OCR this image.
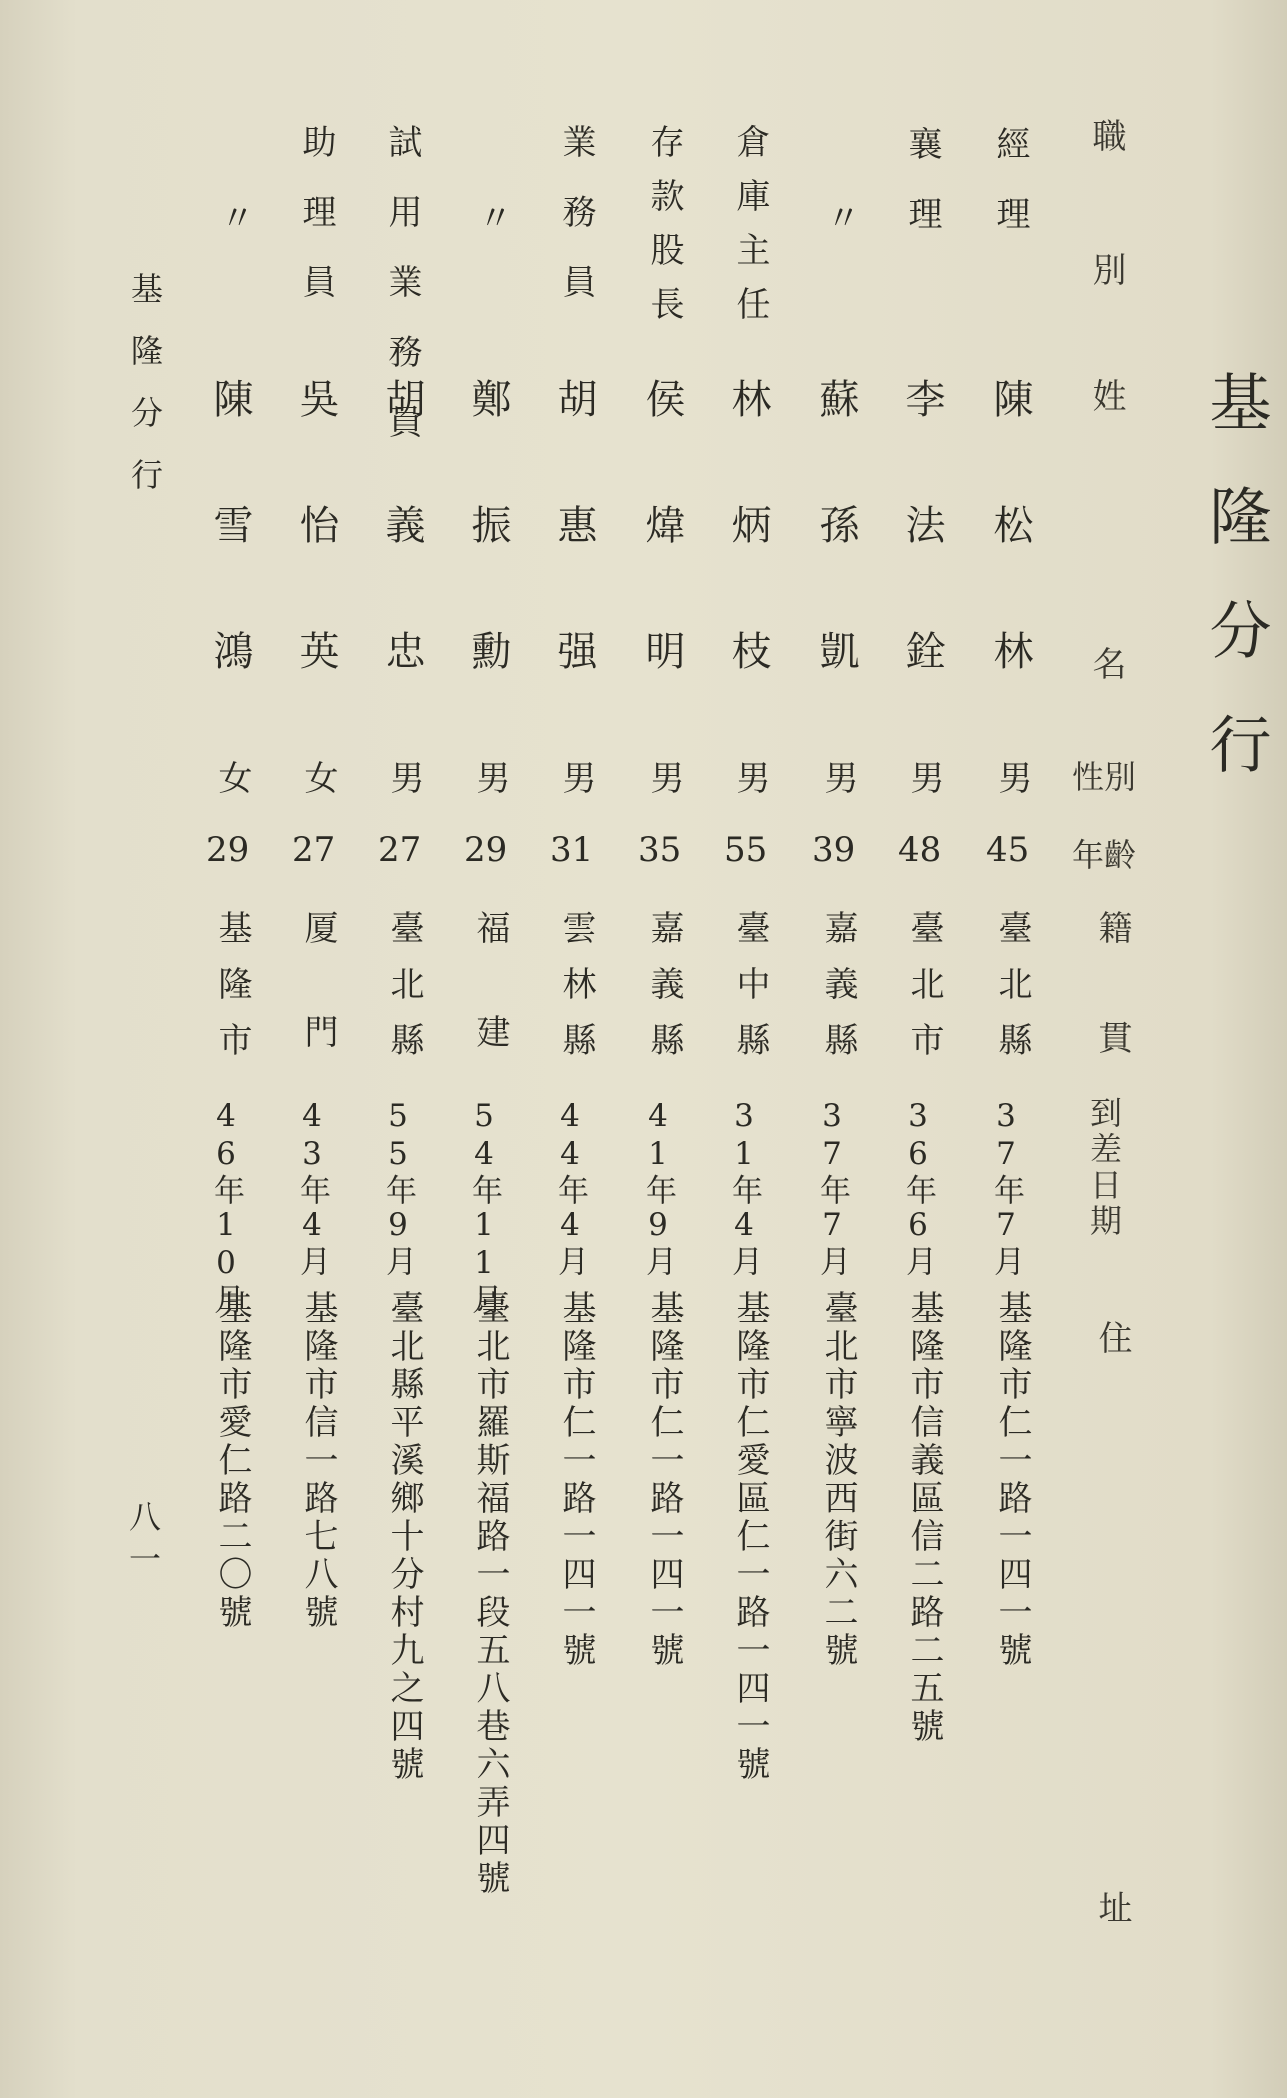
基隆分行
職別
姓
名
性別
年齡
籍
貫
到差日期
住
址
經理
陳松林
男
45
臺北縣
37年7月
基隆市仁一路一四一號
襄理
李法銓
男
48
臺北市
36年6月
基隆市信義區信二路二五號
〃
蘇孫凱
男
39
嘉義縣
37年7月
臺北市寧波西街六二號
倉庫主任
林炳枝
男
55
臺中縣
31年4月
基隆市仁愛區仁一路一四一號
存款股長
侯煒明
男
35
嘉義縣
41年9月
基隆市仁一路一四一號
業務員
胡惠强
男
31
雲林縣
44年4月
基隆市仁一路一四一號
〃
鄭振勳
男
29
福建
54年11月
臺北市羅斯福路一段五八巷六弄四號
試用業務員
胡義忠
男
27
臺北縣
55年9月
臺北縣平溪鄉十分村九之四號
助理員
吳怡英
女
27
厦門
43年4月
基隆市信一路七八號
〃
陳雪鴻
女
29
基隆市
46年10月
基隆市愛仁路二〇號
基隆分行
八一
